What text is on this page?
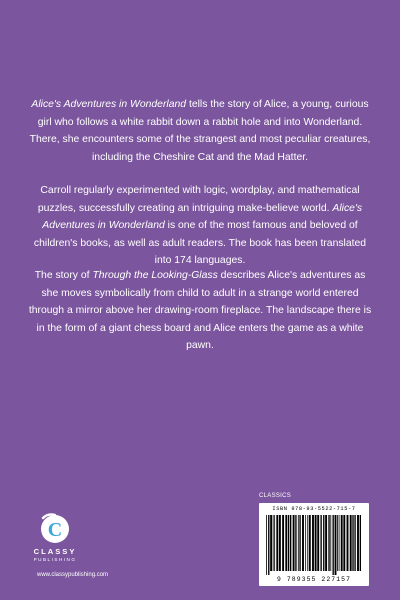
Alice's Adventures in Wonderland tells the story of Alice, a young, curious girl who follows a white rabbit down a rabbit hole and into Wonderland. There, she encounters some of the strangest and most peculiar creatures, including the Cheshire Cat and the Mad Hatter.
Carroll regularly experimented with logic, wordplay, and mathematical puzzles, successfully creating an intriguing make-believe world. Alice's Adventures in Wonderland is one of the most famous and beloved of children's books, as well as adult readers. The book has been translated into 174 languages.
The story of Through the Looking-Glass describes Alice's adventures as she moves symbolically from child to adult in a strange world entered through a mirror above her drawing-room fireplace. The landscape there is in the form of a giant chess board and Alice enters the game as a white pawn.
C
CLASSY
PUBLISHING
www.classypublishing.com
CLASSICS
ISBN 978-93-5522-715-7
9 789355 227157
